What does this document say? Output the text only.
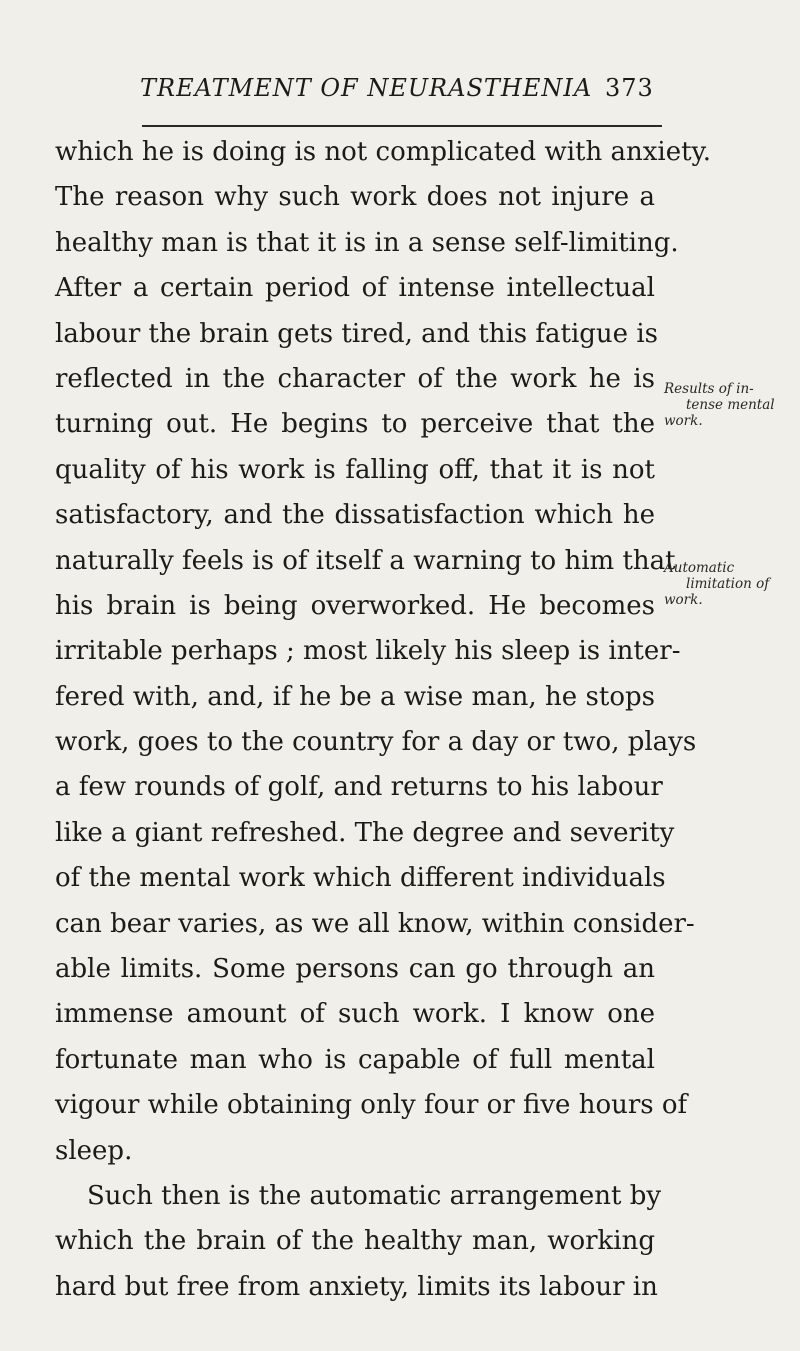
TREATMENT OF NEURASTHENIA 373
which he is doing is not complicated with anxiety.
The reason why such work does not injure a
healthy man is that it is in a sense self-limiting.
After a certain period of intense intellectual
labour the brain gets tired, and this fatigue is
reflected in the character of the work he is
turning out. He begins to perceive that the
quality of his work is falling off, that it is not
satisfactory, and the dissatisfaction which he
naturally feels is of itself a warning to him that
his brain is being overworked. He becomes
irritable perhaps ; most likely his sleep is inter-
fered with, and, if he be a wise man, he stops
work, goes to the country for a day or two, plays
a few rounds of golf, and returns to his labour
like a giant refreshed. The degree and severity
of the mental work which different individuals
can bear varies, as we all know, within consider-
able limits. Some persons can go through an
immense amount of such work. I know one
fortunate man who is capable of full mental
vigour while obtaining only four or five hours of
sleep.
Such then is the automatic arrangement by
which the brain of the healthy man, working
hard but free from anxiety, limits its labour in
Results of in-
tense mental
work.
Automatic
limitation of
work.
